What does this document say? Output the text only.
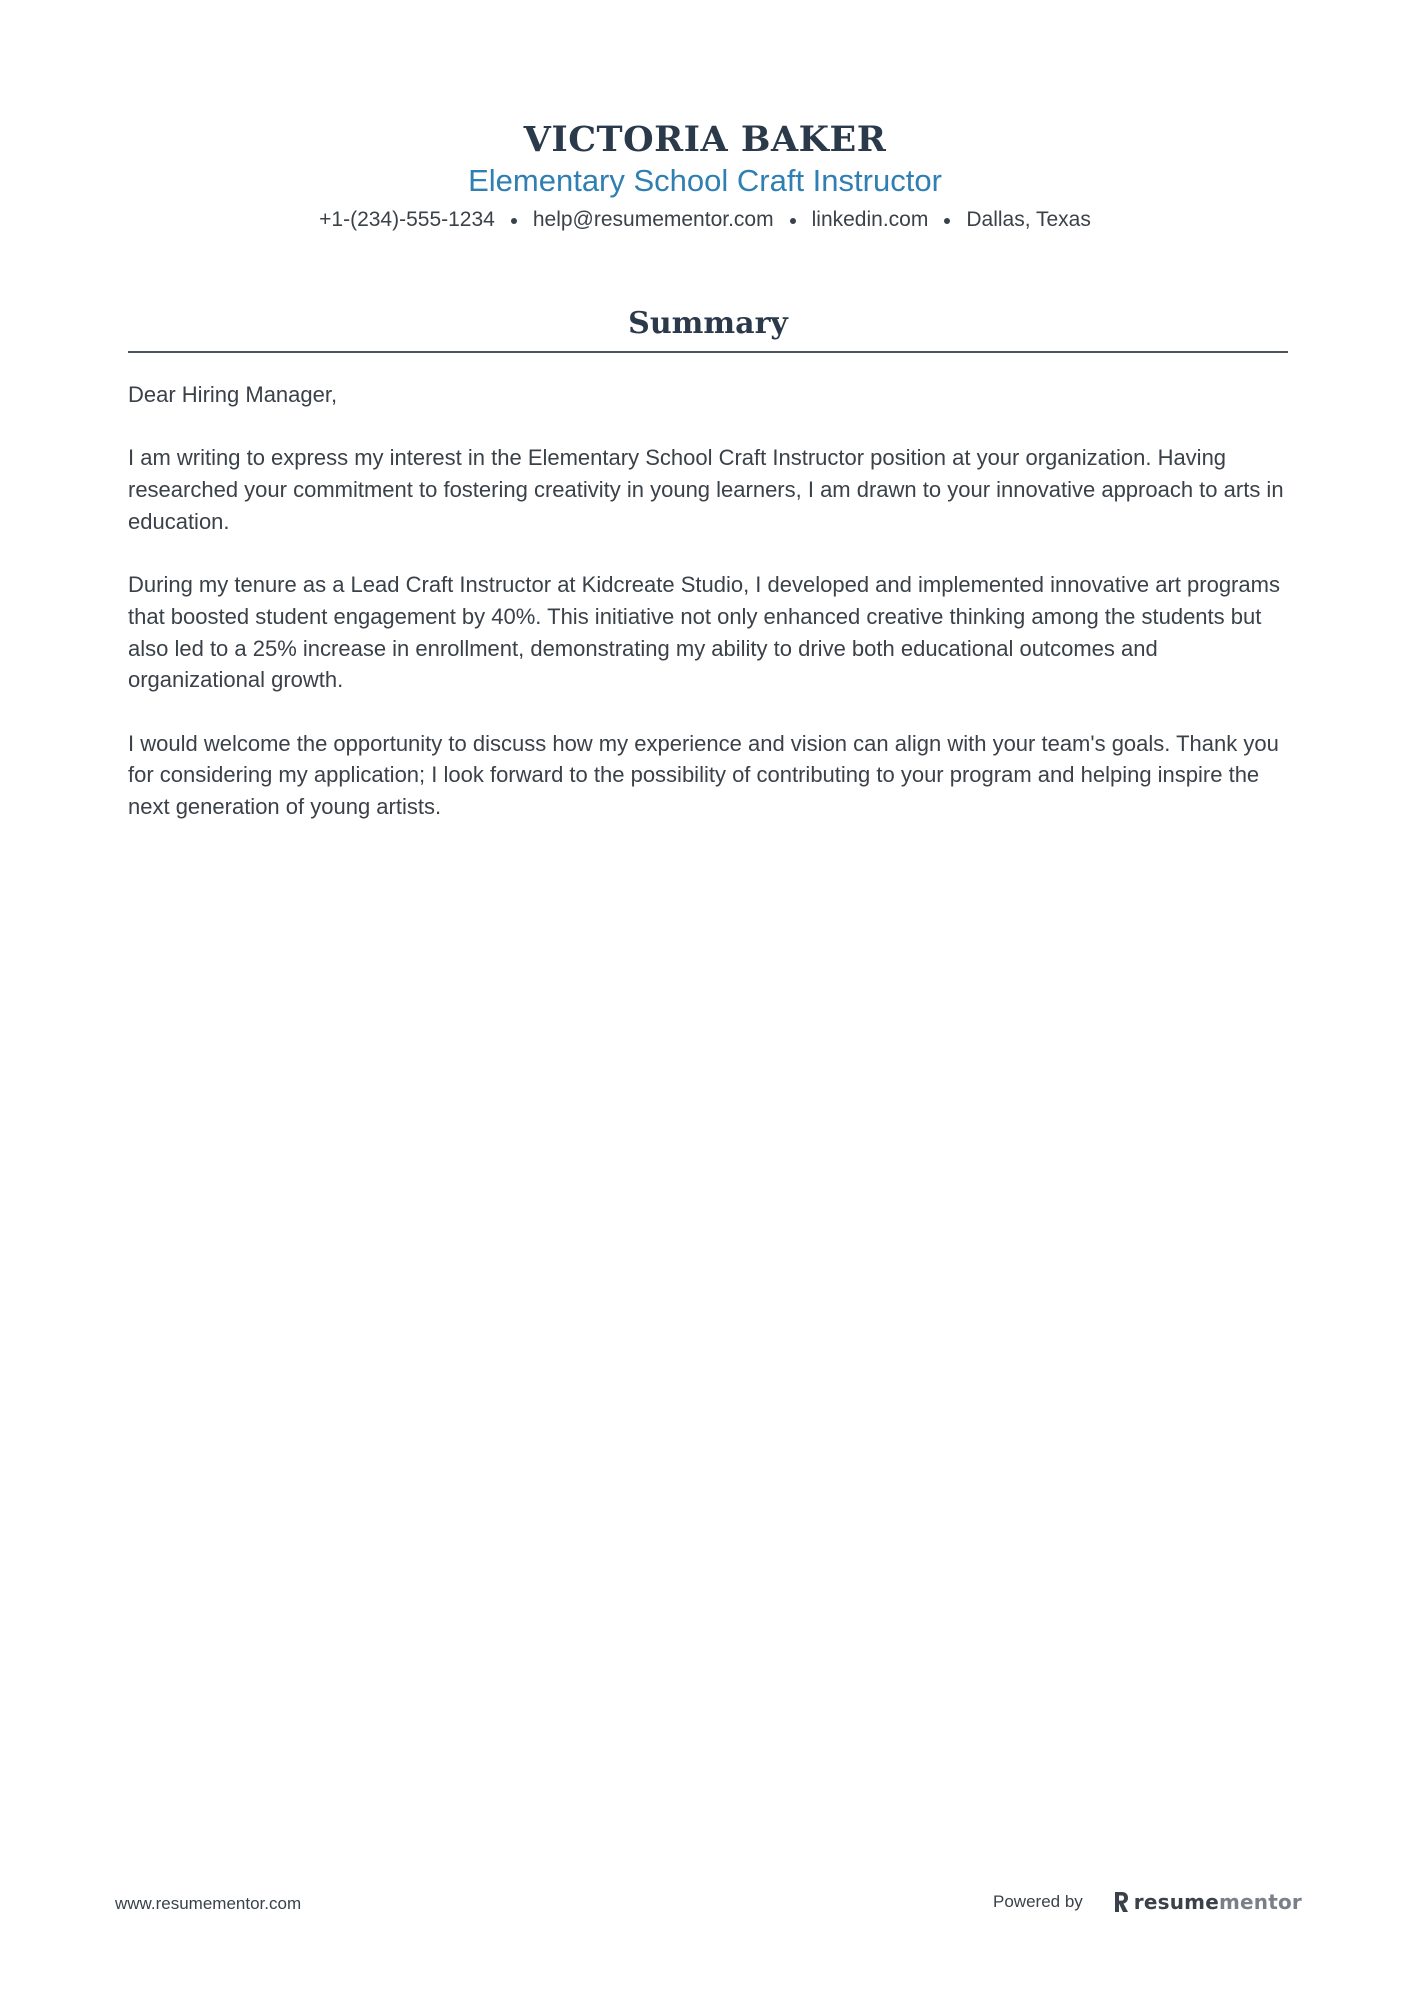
VICTORIA BAKER
Elementary School Craft Instructor
+1-(234)-555-1234 help@resumementor.com linkedin.com Dallas, Texas
Summary

Dear Hiring Manager,

I am writing to express my interest in the Elementary School Craft Instructor position at your organization. Having researched your commitment to fostering creativity in young learners, I am drawn to your innovative approach to arts in education.

During my tenure as a Lead Craft Instructor at Kidcreate Studio, I developed and implemented innovative art programs that boosted student engagement by 40%. This initiative not only enhanced creative thinking among the students but also led to a 25% increase in enrollment, demonstrating my ability to drive both educational outcomes and organizational growth.

I would welcome the opportunity to discuss how my experience and vision can align with your team's goals. Thank you for considering my application; I look forward to the possibility of contributing to your program and helping inspire the next generation of young artists.

www.resumementor.com	Powered by	resume mentor
